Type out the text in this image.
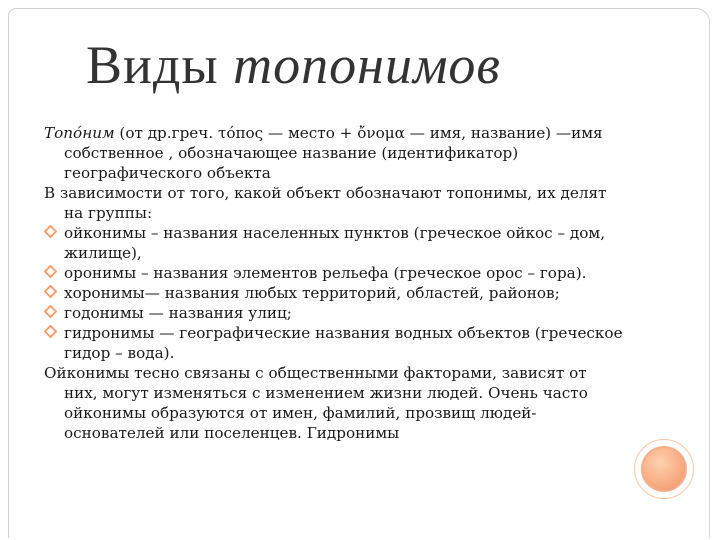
Виды топонимов
Топо́ним (от др.греч. τόπος — место + ὄνομα — имя, название) —имя собственное , обозначающее название (идентификатор) географического объекта
В зависимости от того, какой объект обозначают топонимы, их делят на группы:
ойконимы – названия населенных пунктов (греческое ойкос – дом, жилище),
оронимы – названия элементов рельефа (греческое орос – гора).
хоронимы— названия любых территорий, областей, районов;
годонимы — названия улиц;
гидронимы — географические названия водных объектов (греческое гидор – вода).
Ойконимы тесно связаны с общественными факторами, зависят от них, могут изменяться с изменением жизни людей. Очень часто ойконимы образуются от имен, фамилий, прозвищ людей-основателей или поселенцев. Гидронимы
